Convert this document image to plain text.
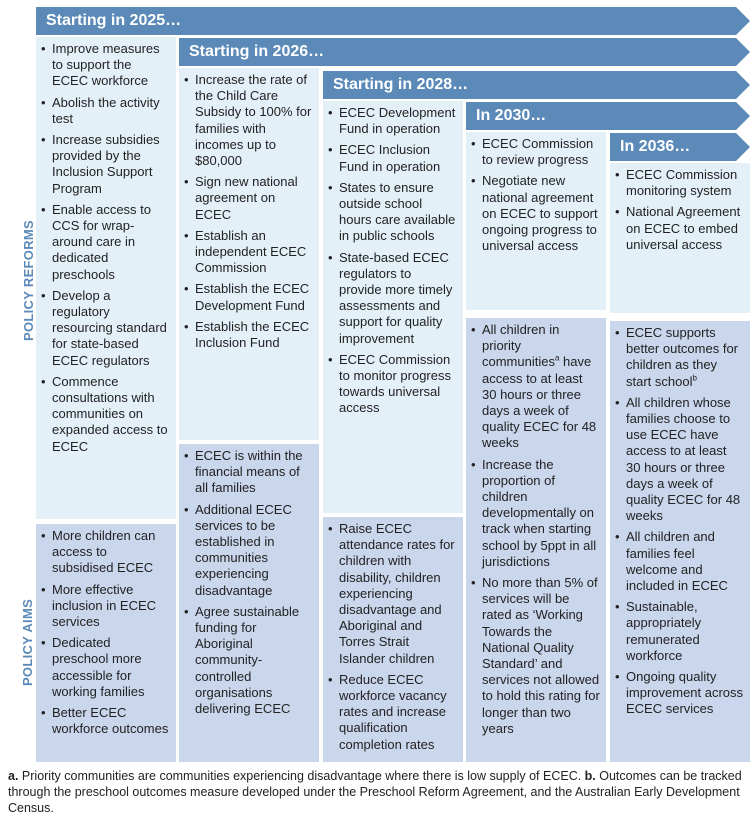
POLICY REFORMS
POLICY AIMS
Starting in 2025…
Starting in 2026…
Starting in 2028…
In 2030…
In 2036…
• Improve measures to support the ECEC workforce
• Abolish the activity test
• Increase subsidies provided by the Inclusion Support Program
• Enable access to CCS for wrap-around care in dedicated preschools
• Develop a regulatory resourcing standard for state-based ECEC regulators
• Commence consultations with communities on expanded access to ECEC
• More children can access to subsidised ECEC
• More effective inclusion in ECEC services
• Dedicated preschool more accessible for working families
• Better ECEC workforce outcomes
• Increase the rate of the Child Care Subsidy to 100% for families with incomes up to $80,000
• Sign new national agreement on ECEC
• Establish an independent ECEC Commission
• Establish the ECEC Development Fund
• Establish the ECEC Inclusion Fund
• ECEC is within the financial means of all families
• Additional ECEC services to be established in communities experiencing disadvantage
• Agree sustainable funding for Aboriginal community-controlled organisations delivering ECEC
• ECEC Development Fund in operation
• ECEC Inclusion Fund in operation
• States to ensure outside school hours care available in public schools
• State-based ECEC regulators to provide more timely assessments and support for quality improvement
• ECEC Commission to monitor progress towards universal access
• Raise ECEC attendance rates for children with disability, children experiencing disadvantage and Aboriginal and Torres Strait Islander children
• Reduce ECEC workforce vacancy rates and increase qualification completion rates
• ECEC Commission to review progress
• Negotiate new national agreement on ECEC to support ongoing progress to universal access
• All children in priority communities$^a$ have access to at least 30 hours or three days a week of quality ECEC for 48 weeks
• Increase the proportion of children developmentally on track when starting school by 5ppt in all jurisdictions
• No more than 5% of services will be rated as ‘Working Towards the National Quality Standard’ and services not allowed to hold this rating for longer than two years
• ECEC Commission monitoring system
• National Agreement on ECEC to embed universal access
• ECEC supports better outcomes for children as they start school$^b$
• All children whose families choose to use ECEC have access to at least 30 hours or three days a week of quality ECEC for 48 weeks
• All children and families feel welcome and included in ECEC
• Sustainable, appropriately remunerated workforce
• Ongoing quality improvement across ECEC services
a. Priority communities are communities experiencing disadvantage where there is low supply of ECEC. b. Outcomes can be tracked through the preschool outcomes measure developed under the Preschool Reform Agreement, and the Australian Early Development Census.
